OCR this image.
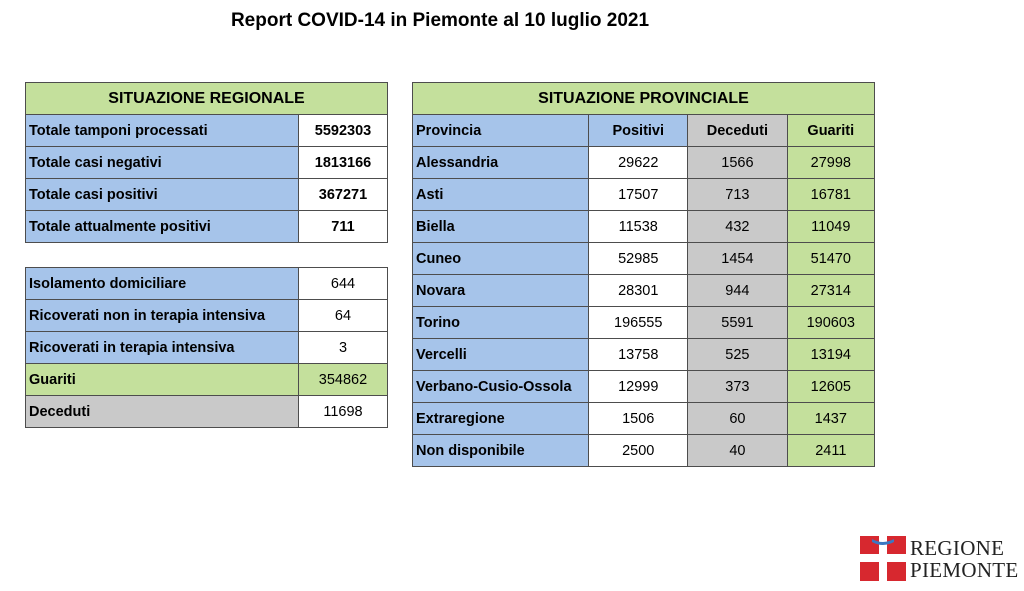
Report COVID-14 in Piemonte al 10 luglio 2021
SITUAZIONE REGIONALE	
Totale tamponi processati	5592303
Totale casi negativi	1813166
Totale casi positivi	367271
Totale attualmente positivi	711
Isolamento domiciliare	644
Ricoverati non in terapia intensiva	64
Ricoverati in terapia intensiva	3
Guariti	354862
Deceduti	11698
SITUAZIONE PROVINCIALE			
Provincia	Positivi	Deceduti	Guariti
Alessandria	29622	1566	27998
Asti	17507	713	16781
Biella	11538	432	11049
Cuneo	52985	1454	51470
Novara	28301	944	27314
Torino	196555	5591	190603
Vercelli	13758	525	13194
Verbano-Cusio-Ossola	12999	373	12605
Extraregione	1506	60	1437
Non disponibile	2500	40	2411
REGIONE
PIEMONTE
